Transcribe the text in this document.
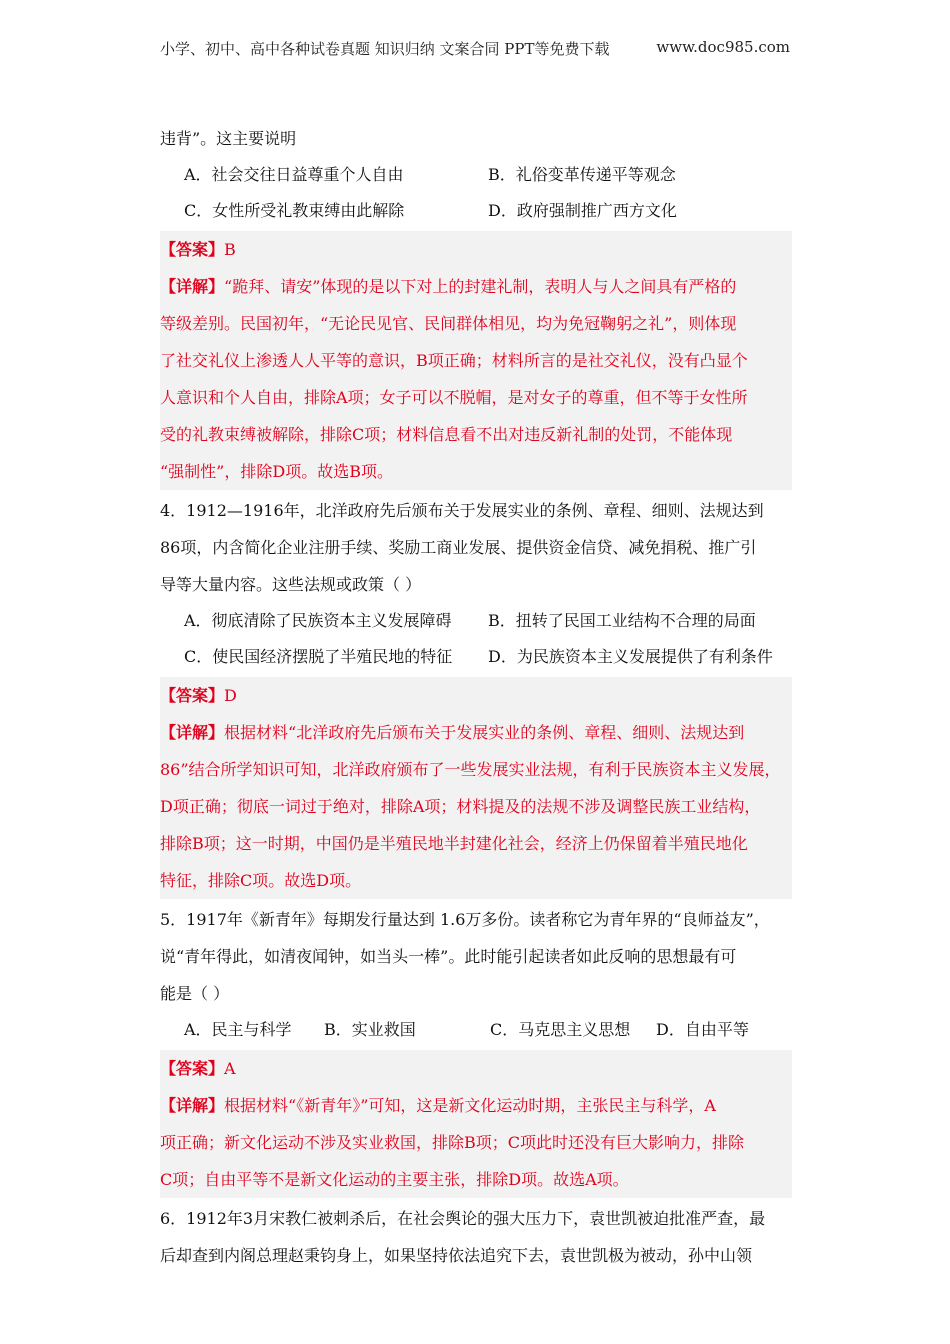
小学、初中、高中各种试卷真题 知识归纳 文案合同 PPT等免费下载	www.doc985.com
违背”。这主要说明
A．社会交往日益尊重个人自由	B．礼俗变革传递平等观念
C．女性所受礼教束缚由此解除	D．政府强制推广西方文化
【答案】B
【详解】“跪拜、请安”体现的是以下对上的封建礼制，表明人与人之间具有严格的
等级差别。民国初年，“无论民见官、民间群体相见，均为免冠鞠躬之礼”，则体现
了社交礼仪上渗透人人平等的意识，B项正确；材料所言的是社交礼仪，没有凸显个
人意识和个人自由，排除A项；女子可以不脱帽，是对女子的尊重，但不等于女性所
受的礼教束缚被解除，排除C项；材料信息看不出对违反新礼制的处罚，不能体现
“强制性”，排除D项。故选B项。
4．1912—1916年，北洋政府先后颁布关于发展实业的条例、章程、细则、法规达到
86项，内含简化企业注册手续、奖励工商业发展、提供资金信贷、减免捐税、推广引
导等大量内容。这些法规或政策（ ）
A．彻底清除了民族资本主义发展障碍	B．扭转了民国工业结构不合理的局面
C．使民国经济摆脱了半殖民地的特征	D．为民族资本主义发展提供了有利条件
【答案】D
【详解】根据材料“北洋政府先后颁布关于发展实业的条例、章程、细则、法规达到
86”结合所学知识可知，北洋政府颁布了一些发展实业法规，有利于民族资本主义发展，
D项正确；彻底一词过于绝对，排除A项；材料提及的法规不涉及调整民族工业结构，
排除B项；这一时期，中国仍是半殖民地半封建化社会，经济上仍保留着半殖民地化
特征，排除C项。故选D项。
5．1917年《新青年》每期发行量达到 1.6万多份。读者称它为青年界的“良师益友”，
说“青年得此，如清夜闻钟，如当头一棒”。此时能引起读者如此反响的思想最有可
能是（ ）
A．民主与科学	B．实业救国	C．马克思主义思想	D．自由平等
【答案】A
【详解】根据材料“《新青年》”可知，这是新文化运动时期，主张民主与科学，A
项正确；新文化运动不涉及实业救国，排除B项；C项此时还没有巨大影响力，排除
C项；自由平等不是新文化运动的主要主张，排除D项。故选A项。
6．1912年3月宋教仁被刺杀后，在社会舆论的强大压力下，袁世凯被迫批准严查，最
后却查到内阁总理赵秉钧身上，如果坚持依法追究下去，袁世凯极为被动，孙中山领
